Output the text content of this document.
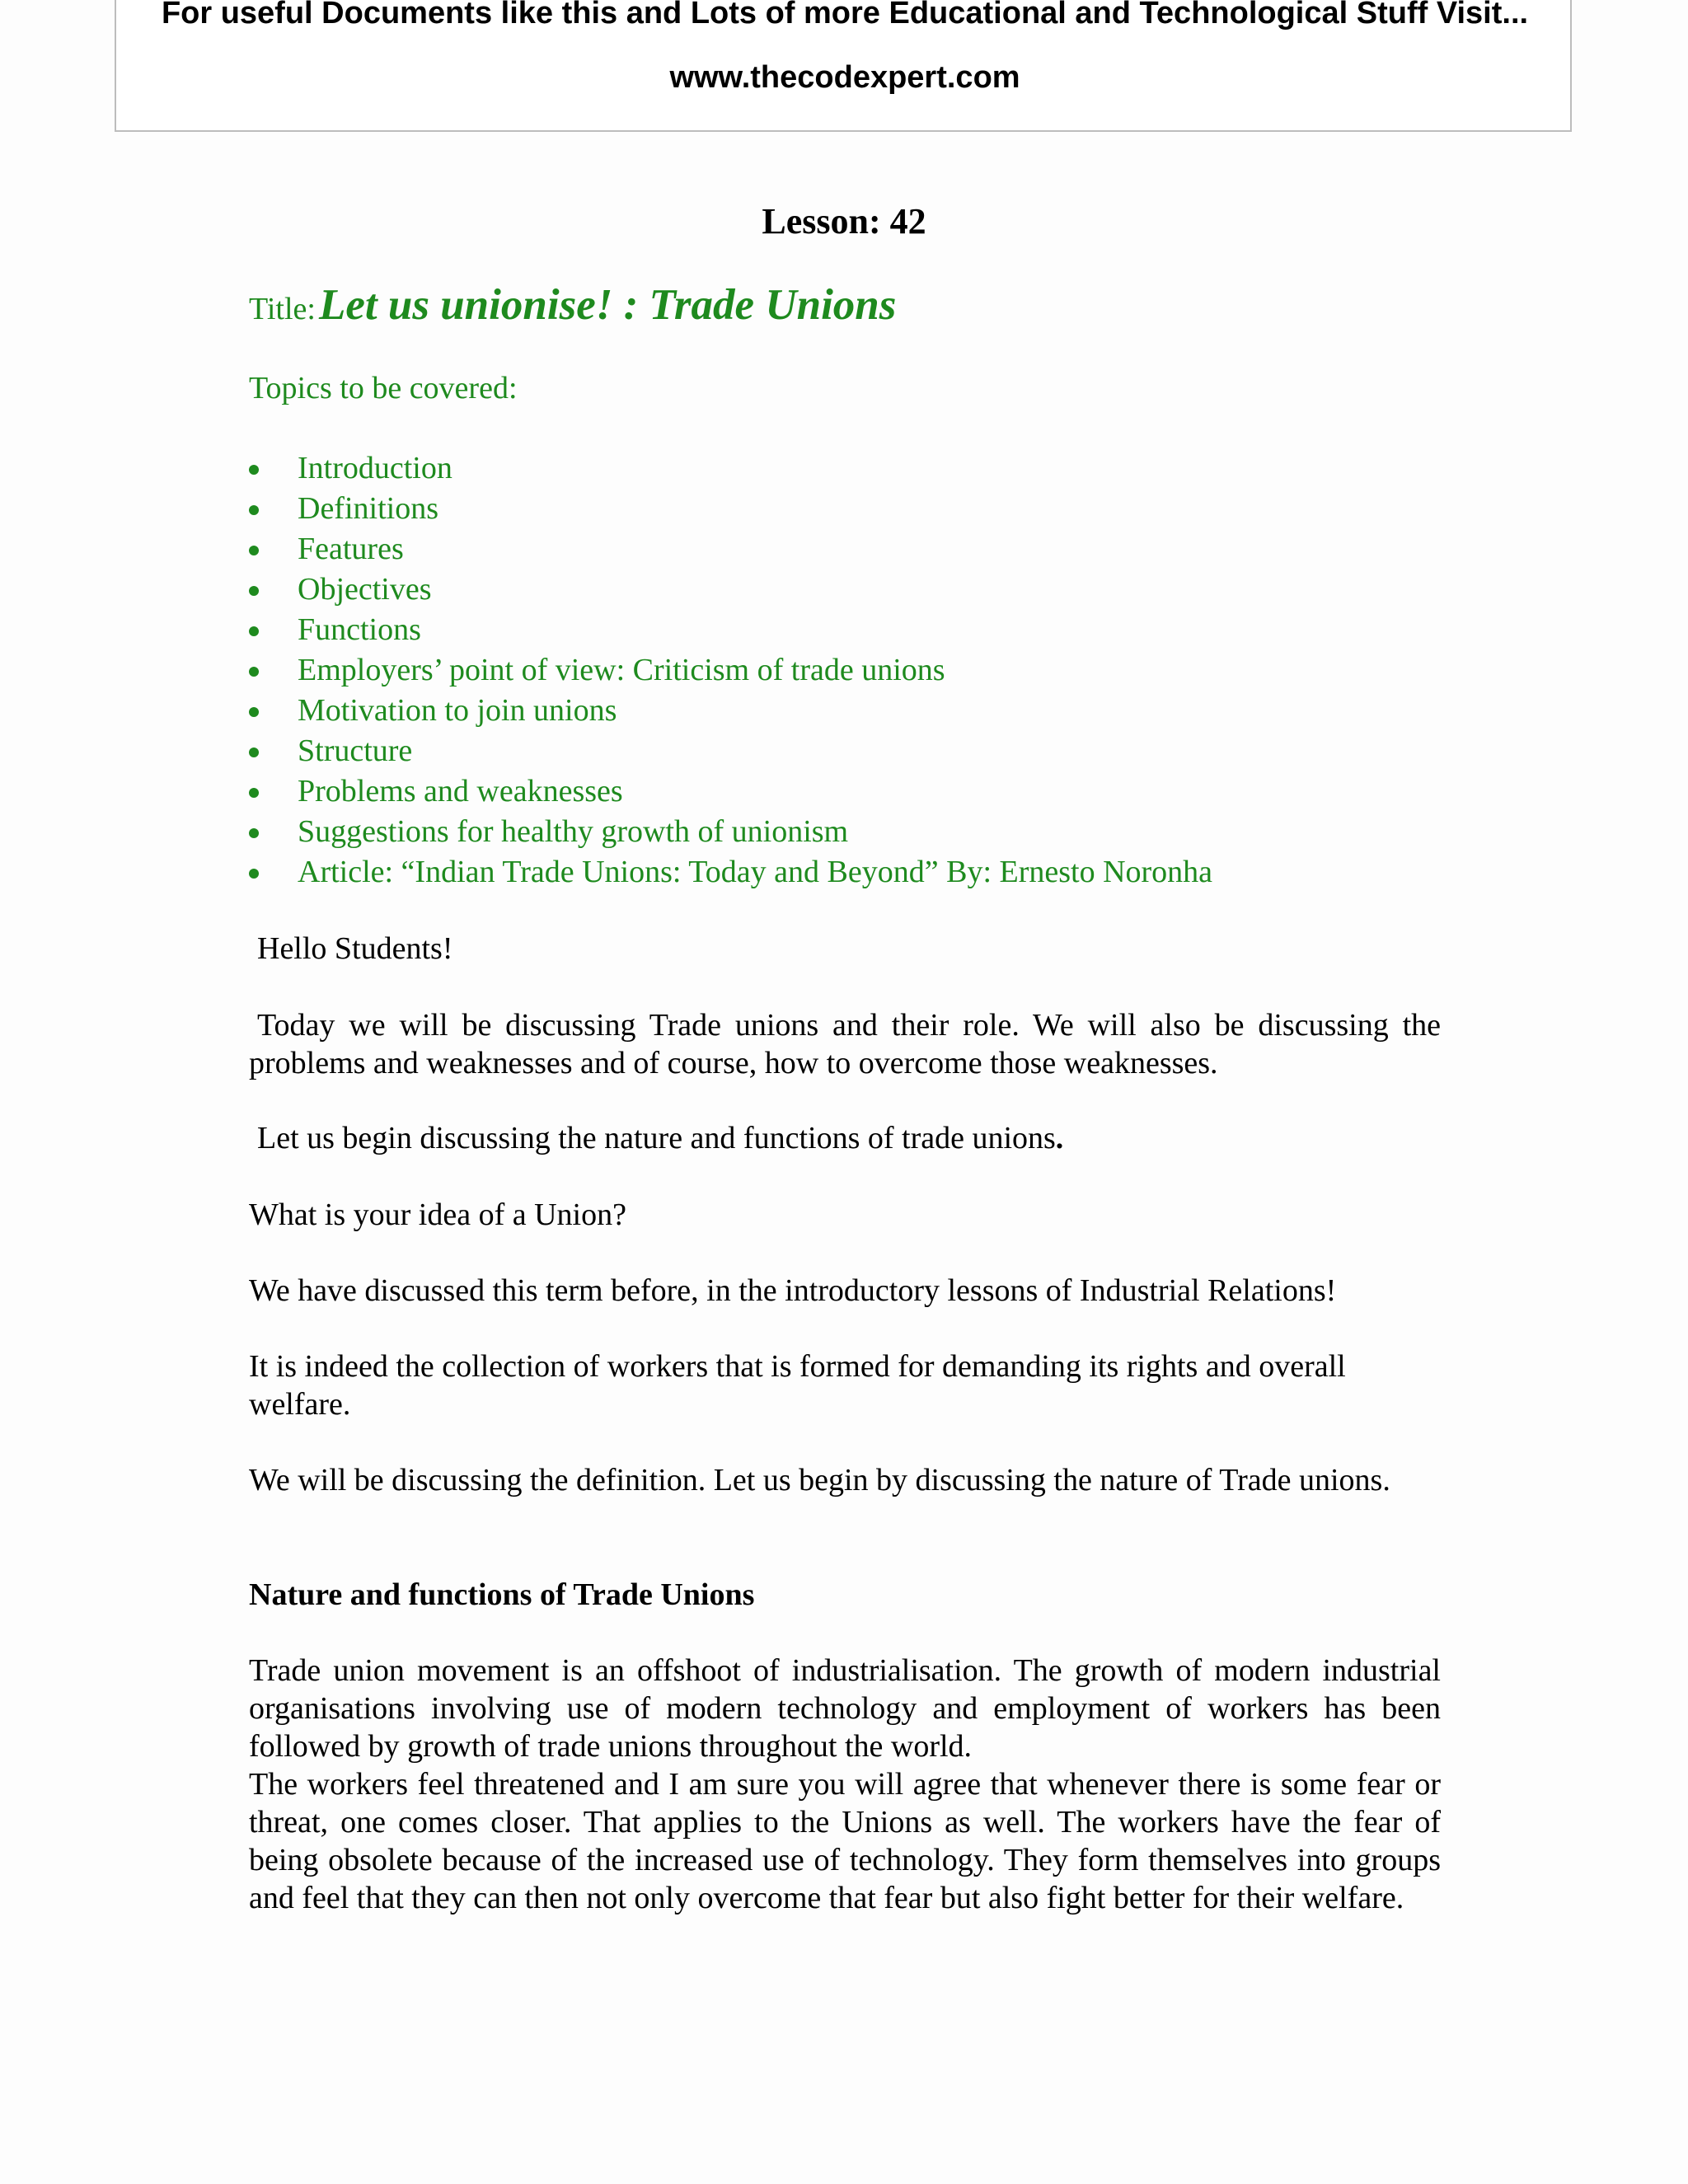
For useful Documents like this and Lots of more Educational and Technological Stuff Visit...
www.thecodexpert.com
Lesson: 42
Title: Let us unionise! : Trade Unions
Topics to be covered:
Introduction
Definitions
Features
Objectives
Functions
Employers’ point of view: Criticism of trade unions
Motivation to join unions
Structure
Problems and weaknesses
Suggestions for healthy growth of unionism
Article: “Indian Trade Unions: Today and Beyond” By: Ernesto Noronha

Hello Students!

Today we will be discussing Trade unions and their role. We will also be discussing the problems and weaknesses and of course, how to overcome those weaknesses.

Let us begin discussing the nature and functions of trade unions.

What is your idea of a Union?

We have discussed this term before, in the introductory lessons of Industrial Relations!

It is indeed the collection of workers that is formed for demanding its rights and overall welfare.

We will be discussing the definition. Let us begin by discussing the nature of Trade unions.

Nature and functions of Trade Unions

Trade union movement is an offshoot of industrialisation. The growth of modern industrial organisations involving use of modern technology and employment of workers has been followed by growth of trade unions throughout the world.

The workers feel threatened and I am sure you will agree that whenever there is some fear or threat, one comes closer. That applies to the Unions as well. The workers have the fear of being obsolete because of the increased use of technology. They form themselves into groups and feel that they can then not only overcome that fear but also fight better for their welfare.
